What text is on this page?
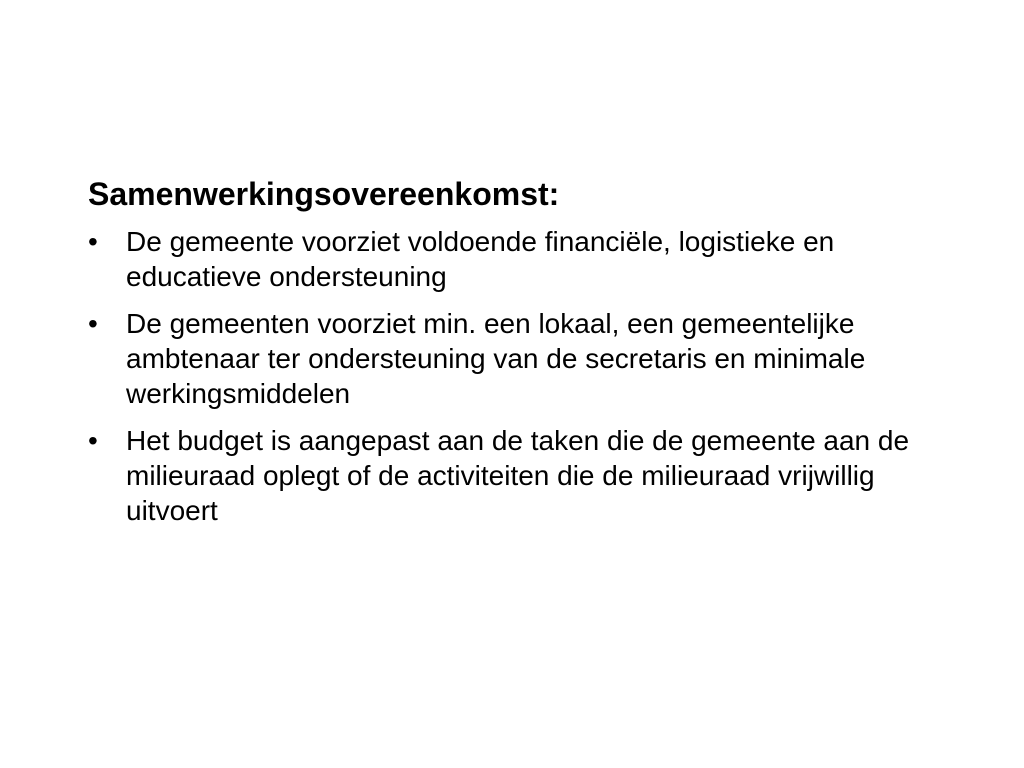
Samenwerkingsovereenkomst:
•	De gemeente voorziet voldoende financiële, logistieke en educatieve ondersteuning
•	De gemeenten voorziet min. een lokaal, een gemeentelijke ambtenaar ter ondersteuning van de secretaris en minimale werkingsmiddelen
•	Het budget is aangepast aan de taken die de gemeente aan de milieuraad oplegt of de activiteiten die de milieuraad vrijwillig uitvoert
